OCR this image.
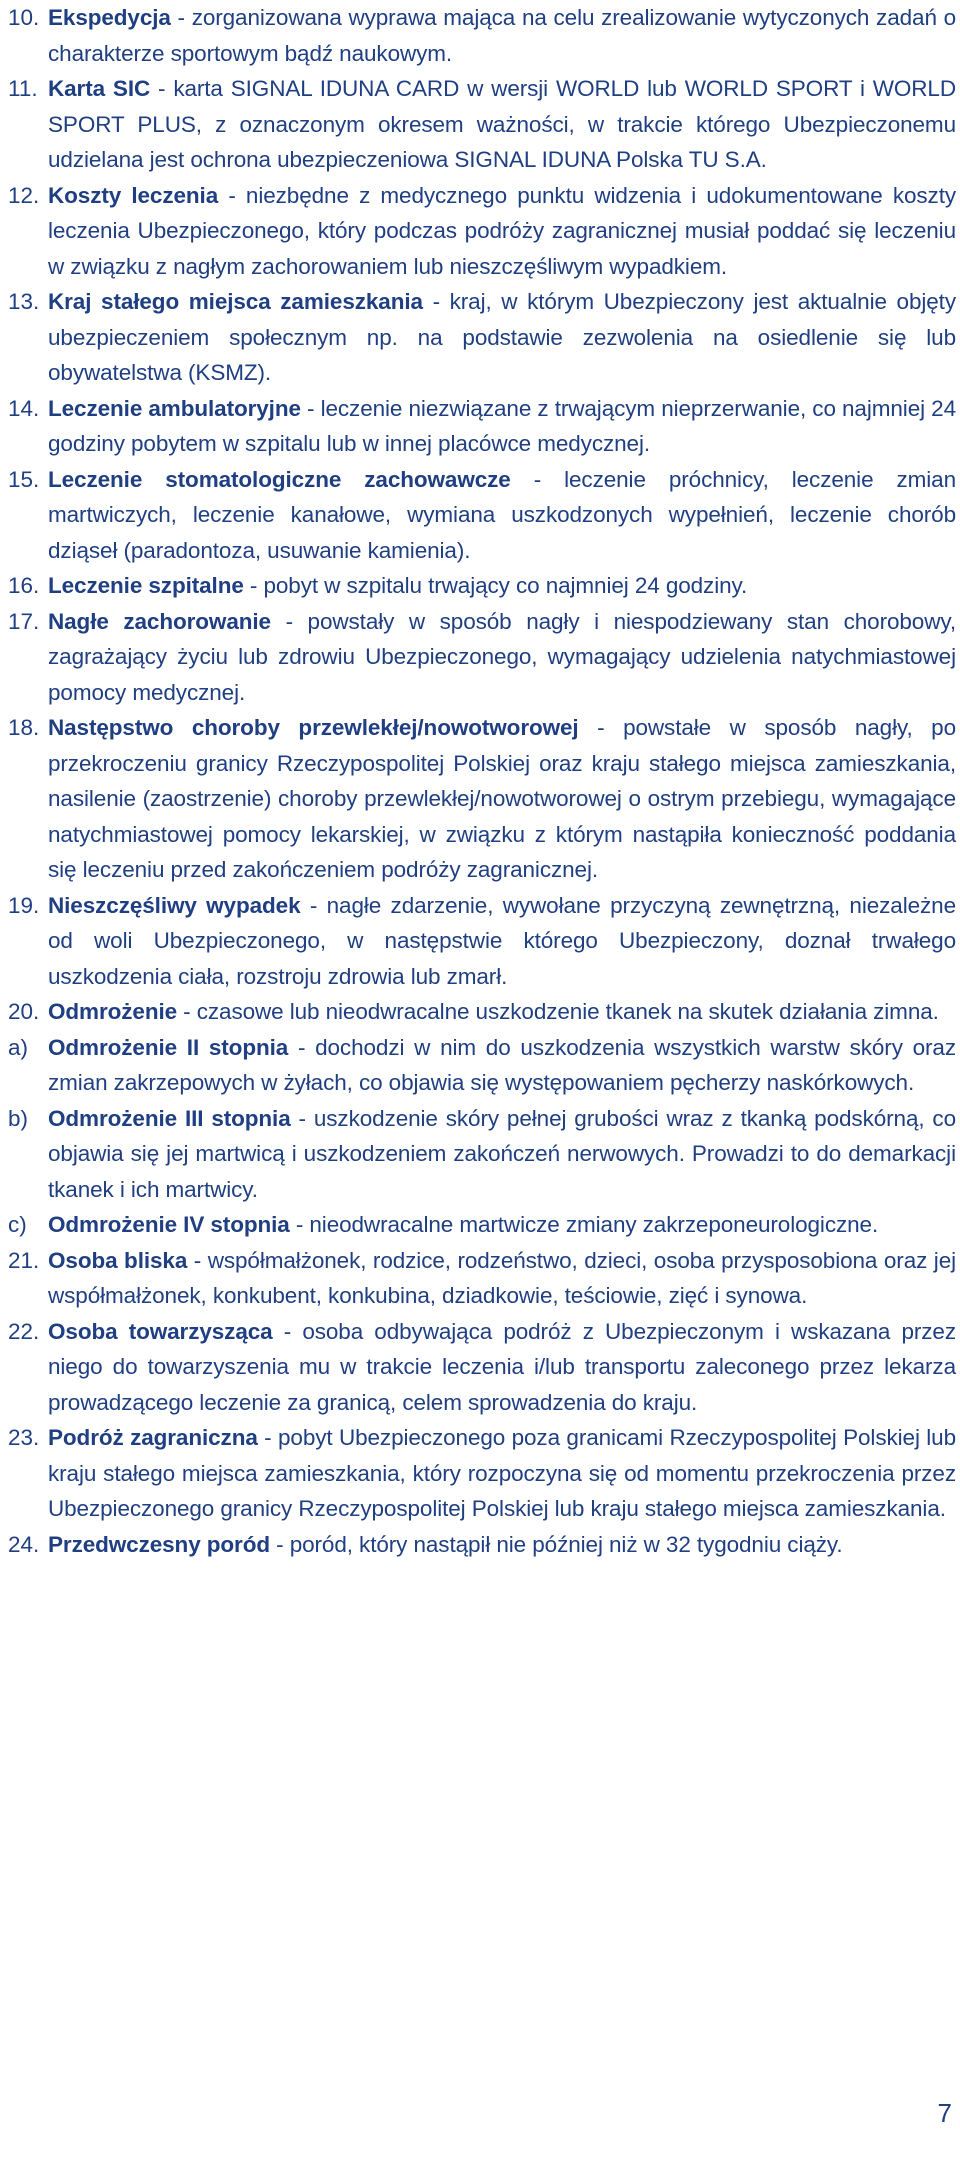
10. Ekspedycja - zorganizowana wyprawa mająca na celu zrealizowanie wytyczonych zadań o charakterze sportowym bądź naukowym.
11. Karta SIC - karta SIGNAL IDUNA CARD w wersji WORLD lub WORLD SPORT i WORLD SPORT PLUS, z oznaczonym okresem ważności, w trakcie którego Ubezpieczonemu udzielana jest ochrona ubezpieczeniowa SIGNAL IDUNA Polska TU S.A.
12. Koszty leczenia - niezbędne z medycznego punktu widzenia i udokumentowane koszty leczenia Ubezpieczonego, który podczas podróży zagranicznej musiał poddać się leczeniu w związku z nagłym zachorowaniem lub nieszczęśliwym wypadkiem.
13. Kraj stałego miejsca zamieszkania - kraj, w którym Ubezpieczony jest aktualnie objęty ubezpieczeniem społecznym np. na podstawie zezwolenia na osiedlenie się lub obywatelstwa (KSMZ).
14. Leczenie ambulatoryjne - leczenie niezwiązane z trwającym nieprzerwanie, co najmniej 24 godziny pobytem w szpitalu lub w innej placówce medycznej.
15. Leczenie stomatologiczne zachowawcze - leczenie próchnicy, leczenie zmian martwiczych, leczenie kanałowe, wymiana uszkodzonych wypełnień, leczenie chorób dziąseł (paradontoza, usuwanie kamienia).
16. Leczenie szpitalne - pobyt w szpitalu trwający co najmniej 24 godziny.
17. Nagłe zachorowanie - powstały w sposób nagły i niespodziewany stan chorobowy, zagrażający życiu lub zdrowiu Ubezpieczonego, wymagający udzielenia natychmiastowej pomocy medycznej.
18. Następstwo choroby przewlekłej/nowotworowej - powstałe w sposób nagły, po przekroczeniu granicy Rzeczypospolitej Polskiej oraz kraju stałego miejsca zamieszkania, nasilenie (zaostrzenie) choroby przewlekłej/nowotworowej o ostrym przebiegu, wymagające natychmiastowej pomocy lekarskiej, w związku z którym nastąpiła konieczność poddania się leczeniu przed zakończeniem podróży zagranicznej.
19. Nieszczęśliwy wypadek - nagłe zdarzenie, wywołane przyczyną zewnętrzną, niezależne od woli Ubezpieczonego, w następstwie którego Ubezpieczony, doznał trwałego uszkodzenia ciała, rozstroju zdrowia lub zmarł.
20. Odmrożenie - czasowe lub nieodwracalne uszkodzenie tkanek na skutek działania zimna.
a) Odmrożenie II stopnia - dochodzi w nim do uszkodzenia wszystkich warstw skóry oraz zmian zakrzepowych w żyłach, co objawia się występowaniem pęcherzy naskórkowych.
b) Odmrożenie III stopnia - uszkodzenie skóry pełnej grubości wraz z tkanką podskórną, co objawia się jej martwicą i uszkodzeniem zakończeń nerwowych. Prowadzi to do demarkacji tkanek i ich martwicy.
c) Odmrożenie IV stopnia - nieodwracalne martwicze zmiany zakrzeponeurologiczne.
21. Osoba bliska - współmałżonek, rodzice, rodzeństwo, dzieci, osoba przysposobiona oraz jej współmałżonek, konkubent, konkubina, dziadkowie, teściowie, zięć i synowa.
22. Osoba towarzysząca - osoba odbywająca podróż z Ubezpieczonym i wskazana przez niego do towarzyszenia mu w trakcie leczenia i/lub transportu zaleconego przez lekarza prowadzącego leczenie za granicą, celem sprowadzenia do kraju.
23. Podróż zagraniczna - pobyt Ubezpieczonego poza granicami Rzeczypospolitej Polskiej lub kraju stałego miejsca zamieszkania, który rozpoczyna się od momentu przekroczenia przez Ubezpieczonego granicy Rzeczypospolitej Polskiej lub kraju stałego miejsca zamieszkania.
24. Przedwczesny poród - poród, który nastąpił nie później niż w 32 tygodniu ciąży.
7
